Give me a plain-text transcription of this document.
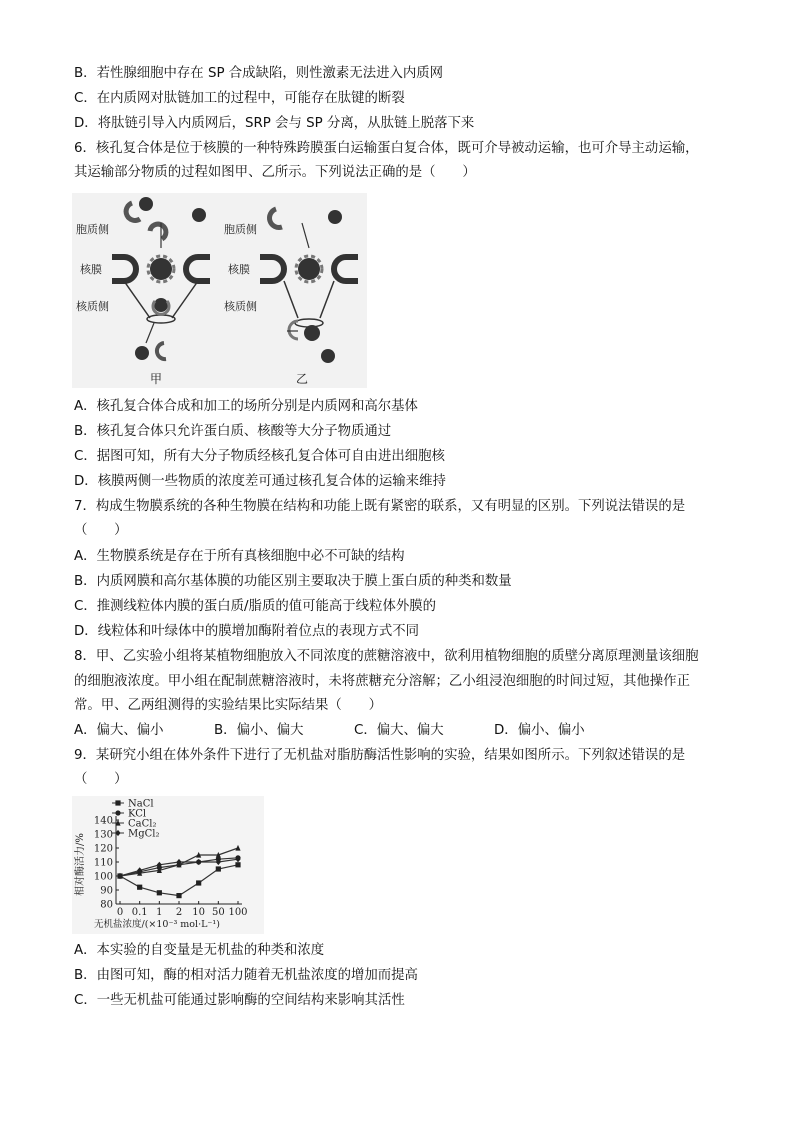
B．若性腺细胞中存在 SP 合成缺陷，则性激素无法进入内质网
C．在内质网对肽链加工的过程中，可能存在肽键的断裂
D．将肽链引导入内质网后，SRP 会与 SP 分离，从肽链上脱落下来
6．核孔复合体是位于核膜的一种特殊跨膜蛋白运输蛋白复合体，既可介导被动运输，也可介导主动运输，
其运输部分物质的过程如图甲、乙所示。下列说法正确的是（　　）
胞质侧
核膜
核质侧
甲
胞质侧
核膜
核质侧
乙
A．核孔复合体合成和加工的场所分别是内质网和高尔基体
B．核孔复合体只允许蛋白质、核酸等大分子物质通过
C．据图可知，所有大分子物质经核孔复合体可自由进出细胞核
D．核膜两侧一些物质的浓度差可通过核孔复合体的运输来维持
7．构成生物膜系统的各种生物膜在结构和功能上既有紧密的联系，又有明显的区别。下列说法错误的是
（　　）
A．生物膜系统是存在于所有真核细胞中必不可缺的结构
B．内质网膜和高尔基体膜的功能区别主要取决于膜上蛋白质的种类和数量
C．推测线粒体内膜的蛋白质/脂质的值可能高于线粒体外膜的
D．线粒体和叶绿体中的膜增加酶附着位点的表现方式不同
8．甲、乙实验小组将某植物细胞放入不同浓度的蔗糖溶液中，欲利用植物细胞的质壁分离原理测量该细胞
的细胞液浓度。甲小组在配制蔗糖溶液时，未将蔗糖充分溶解；乙小组浸泡细胞的时间过短，其他操作正
常。甲、乙两组测得的实验结果比实际结果（　　）
A．偏大、偏小	B．偏小、偏大	C．偏大、偏大	D．偏小、偏小
9．某研究小组在体外条件下进行了无机盐对脂肪酶活性影响的实验，结果如图所示。下列叙述错误的是
（　　）
相对酶活力/%
无机盐浓度/(×10⁻³ mol·L⁻¹)
80
90
100
110
120
130
140
0 0.1 1 2 10 50 100
NaCl
KCl
CaCl₂
MgCl₂
A．本实验的自变量是无机盐的种类和浓度
B．由图可知，酶的相对活力随着无机盐浓度的增加而提高
C．一些无机盐可能通过影响酶的空间结构来影响其活性
